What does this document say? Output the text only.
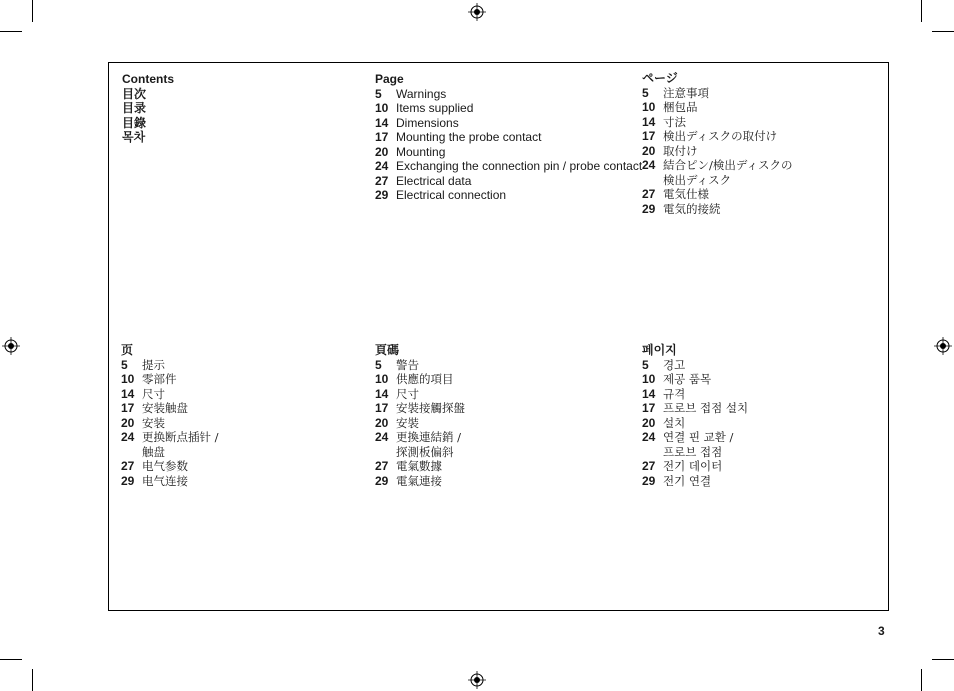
Contents
目次
目录
目錄
목차
Page
5	Warnings
10 Items supplied
14 Dimensions
17 Mounting the probe contact
20 Mounting
24 Exchanging the connection pin / probe contact
27 Electrical data
29 Electrical connection
ページ
5	注意事項
10 梱包品
14 寸法
17 検出ディスクの取付け
20 取付け
24 結合ピン/検出ディスクの
検出ディスク
27 電気仕様
29 電気的接続
页
5	提示
10 零部件
14 尺寸
17 安装触盘
20 安装
24 更换断点插针 /
触盘
27 电气参数
29 电气连接
頁碼
5	警告
10 供應的項目
14 尺寸
17 安裝接觸探盤
20 安裝
24 更換連結銷 /
探測板偏斜
27 電氣數據
29 電氣連接
페이지
5	경고
10 제공 품목
14 규격
17 프로브 접점 설치
20 설치
24 연결 핀 교환 /
프로브 접점
27 전기 데이터
29 전기 연결
3
